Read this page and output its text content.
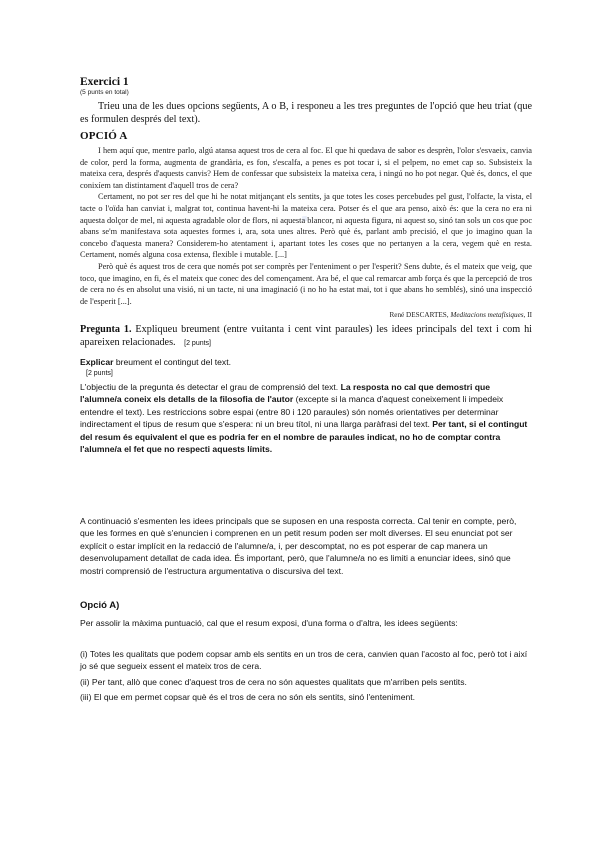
·

Exercici 1

(5 punts en total)

Trieu una de les dues opcions següents, A o B, i responeu a les tres preguntes de l'opció que heu triat (que es formulen després del text).

OPCIÓ A

I hem aquí que, mentre parlo, algú atansa aquest tros de cera al foc. El que hi quedava de sabor es desprèn, l'olor s'esvaeix, canvia de color, perd la forma, augmenta de grandària, es fon, s'escalfa, a penes es pot tocar i, si el pelpem, no emet cap so. Subsisteix la mateixa cera, després d'aquests canvis? Hem de confessar que subsisteix la mateixa cera, i ningú no ho pot negar. Què és, doncs, el que conixíem tan distintament d'aquell tros de cera?

Certament, no pot ser res del que hi he notat mitjançant els sentits, ja que totes les coses percebudes pel gust, l'olfacte, la vista, el tacte o l'oïda han canviat i, malgrat tot, continua havent-hi la mateixa cera. Potser és el que ara penso, això és: que la cera no era ni aquesta dolçor de mel, ni aquesta agradable olor de flors, ni aquesta blancor, ni aquesta figura, ni aquest so, sinó tan sols un cos que poc abans se'm manifestava sota aquestes formes i, ara, sota unes altres. Però què és, parlant amb precisió, el que jo imagino quan la concebo d'aquesta manera? Considerem-ho atentament i, apartant totes les coses que no pertanyen a la cera, vegem què en resta. Certament, només alguna cosa extensa, flexible i mutable. [...]

Però què és aquest tros de cera que només pot ser comprès per l'enteniment o per l'esperit? Sens dubte, és el mateix que veig, que toco, que imagino, en fi, és el mateix que conec des del començament. Ara bé, el que cal remarcar amb força és que la percepció de tros de cera no és en absolut una visió, ni un tacte, ni una imaginació (i no ho ha estat mai, tot i que abans ho semblés), sinó una inspecció de l'esperit [...].

René DESCARTES, Meditacions metafísiques, II

Pregunta 1. Expliqueu breument (entre vuitanta i cent vint paraules) les idees principals del text i com hi apareixen relacionades. [2 punts]

Explicar breument el contingut del text.

[2 punts]

L'objectiu de la pregunta és detectar el grau de comprensió del text. La resposta no cal que demostri que l'alumne/a coneix els detalls de la filosofia de l'autor (excepte si la manca d'aquest coneixement li impedeix entendre el text). Les restriccions sobre espai (entre 80 i 120 paraules) són només orientatives per determinar indirectament el tipus de resum que s'espera: ni un breu títol, ni una llarga paràfrasi del text. Per tant, si el contingut del resum és equivalent el que es podria fer en el nombre de paraules indicat, no ho de comptar contra l'alumne/a el fet que no respecti aquests límits.

A continuació s'esmenten les idees principals que se suposen en una resposta correcta. Cal tenir en compte, però, que les formes en què s'enuncien i comprenen en un petit resum poden ser molt diverses. El seu enunciat pot ser explícit o estar implícit en la redacció de l'alumne/a, i, per descomptat, no es pot esperar de cap manera un desenvolupament detallat de cada idea. És important, però, que l'alumne/a no es limiti a enunciar idees, sinó que mostri comprensió de l'estructura argumentativa o discursiva del text.

Opció A)

Per assolir la màxima puntuació, cal que el resum exposi, d'una forma o d'altra, les idees següents:

(i) Totes les qualitats que podem copsar amb els sentits en un tros de cera, canvien quan l'acosto al foc, però tot i així jo sé que segueix essent el mateix tros de cera.

(ii) Per tant, allò que conec d'aquest tros de cera no són aquestes qualitats que m'arriben pels sentits.

(iii) El que em permet copsar què és el tros de cera no són els sentits, sinó l'enteniment.
